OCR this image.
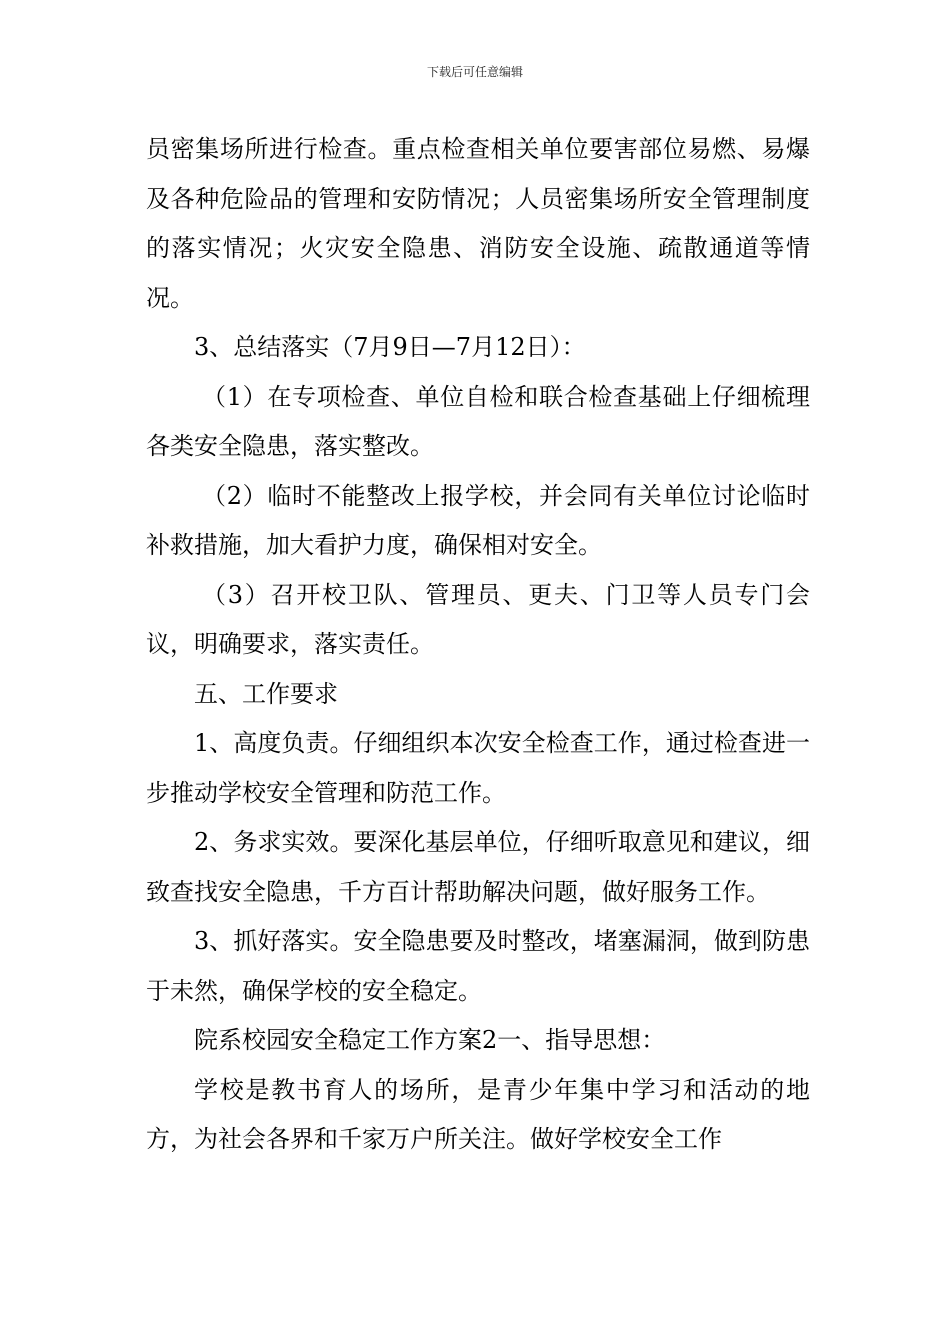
下载后可任意编辑

员密集场所进行检查。重点检查相关单位要害部位易燃、易爆及各种危险品的管理和安防情况；人员密集场所安全管理制度的落实情况；火灾安全隐患、消防安全设施、疏散通道等情况。

3、总结落实（7月9日—7月12日）：

（1）在专项检查、单位自检和联合检查基础上仔细梳理各类安全隐患，落实整改。

（2）临时不能整改上报学校，并会同有关单位讨论临时补救措施，加大看护力度，确保相对安全。

（3）召开校卫队、管理员、更夫、门卫等人员专门会议，明确要求，落实责任。

五、工作要求

1、高度负责。仔细组织本次安全检查工作，通过检查进一步推动学校安全管理和防范工作。

2、务求实效。要深化基层单位，仔细听取意见和建议，细致查找安全隐患，千方百计帮助解决问题，做好服务工作。

3、抓好落实。安全隐患要及时整改，堵塞漏洞，做到防患于未然，确保学校的安全稳定。

院系校园安全稳定工作方案2一、指导思想：

学校是教书育人的场所，是青少年集中学习和活动的地方，为社会各界和千家万户所关注。做好学校安全工作
